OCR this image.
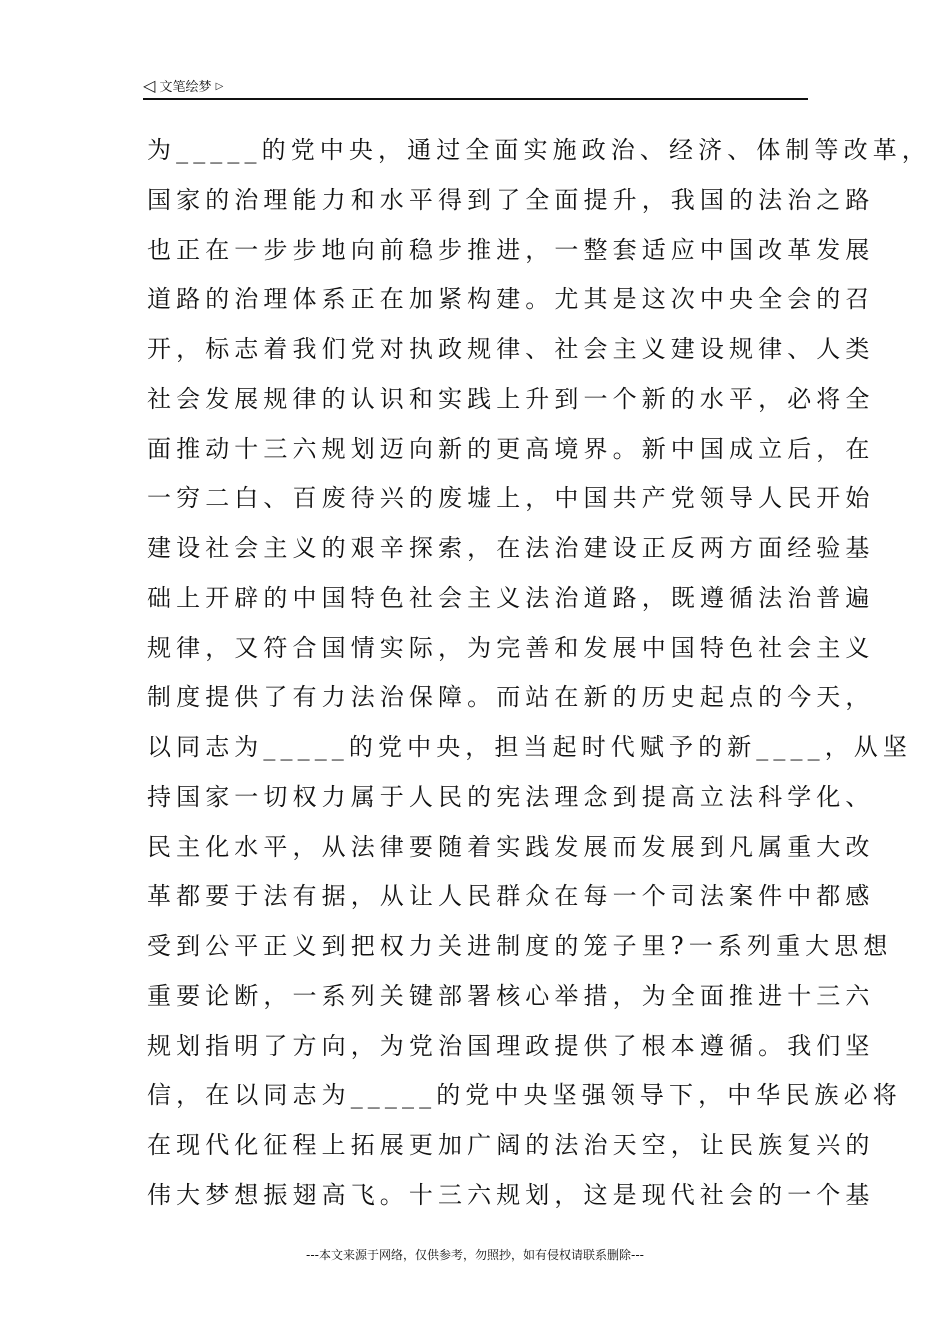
◁ 文笔绘梦 ▷
为_____的党中央，通过全面实施政治、经济、体制等改革，
国家的治理能力和水平得到了全面提升，我国的法治之路
也正在一步步地向前稳步推进，一整套适应中国改革发展
道路的治理体系正在加紧构建。尤其是这次中央全会的召
开，标志着我们党对执政规律、社会主义建设规律、人类
社会发展规律的认识和实践上升到一个新的水平，必将全
面推动十三六规划迈向新的更高境界。新中国成立后，在
一穷二白、百废待兴的废墟上，中国共产党领导人民开始
建设社会主义的艰辛探索，在法治建设正反两方面经验基
础上开辟的中国特色社会主义法治道路，既遵循法治普遍
规律，又符合国情实际，为完善和发展中国特色社会主义
制度提供了有力法治保障。而站在新的历史起点的今天，
以同志为_____的党中央，担当起时代赋予的新____，从坚
持国家一切权力属于人民的宪法理念到提高立法科学化、
民主化水平，从法律要随着实践发展而发展到凡属重大改
革都要于法有据，从让人民群众在每一个司法案件中都感
受到公平正义到把权力关进制度的笼子里?一系列重大思想
重要论断，一系列关键部署核心举措，为全面推进十三六
规划指明了方向，为党治国理政提供了根本遵循。我们坚
信，在以同志为_____的党中央坚强领导下，中华民族必将
在现代化征程上拓展更加广阔的法治天空，让民族复兴的
伟大梦想振翅高飞。十三六规划，这是现代社会的一个基
---本文来源于网络，仅供参考，勿照抄，如有侵权请联系删除---
